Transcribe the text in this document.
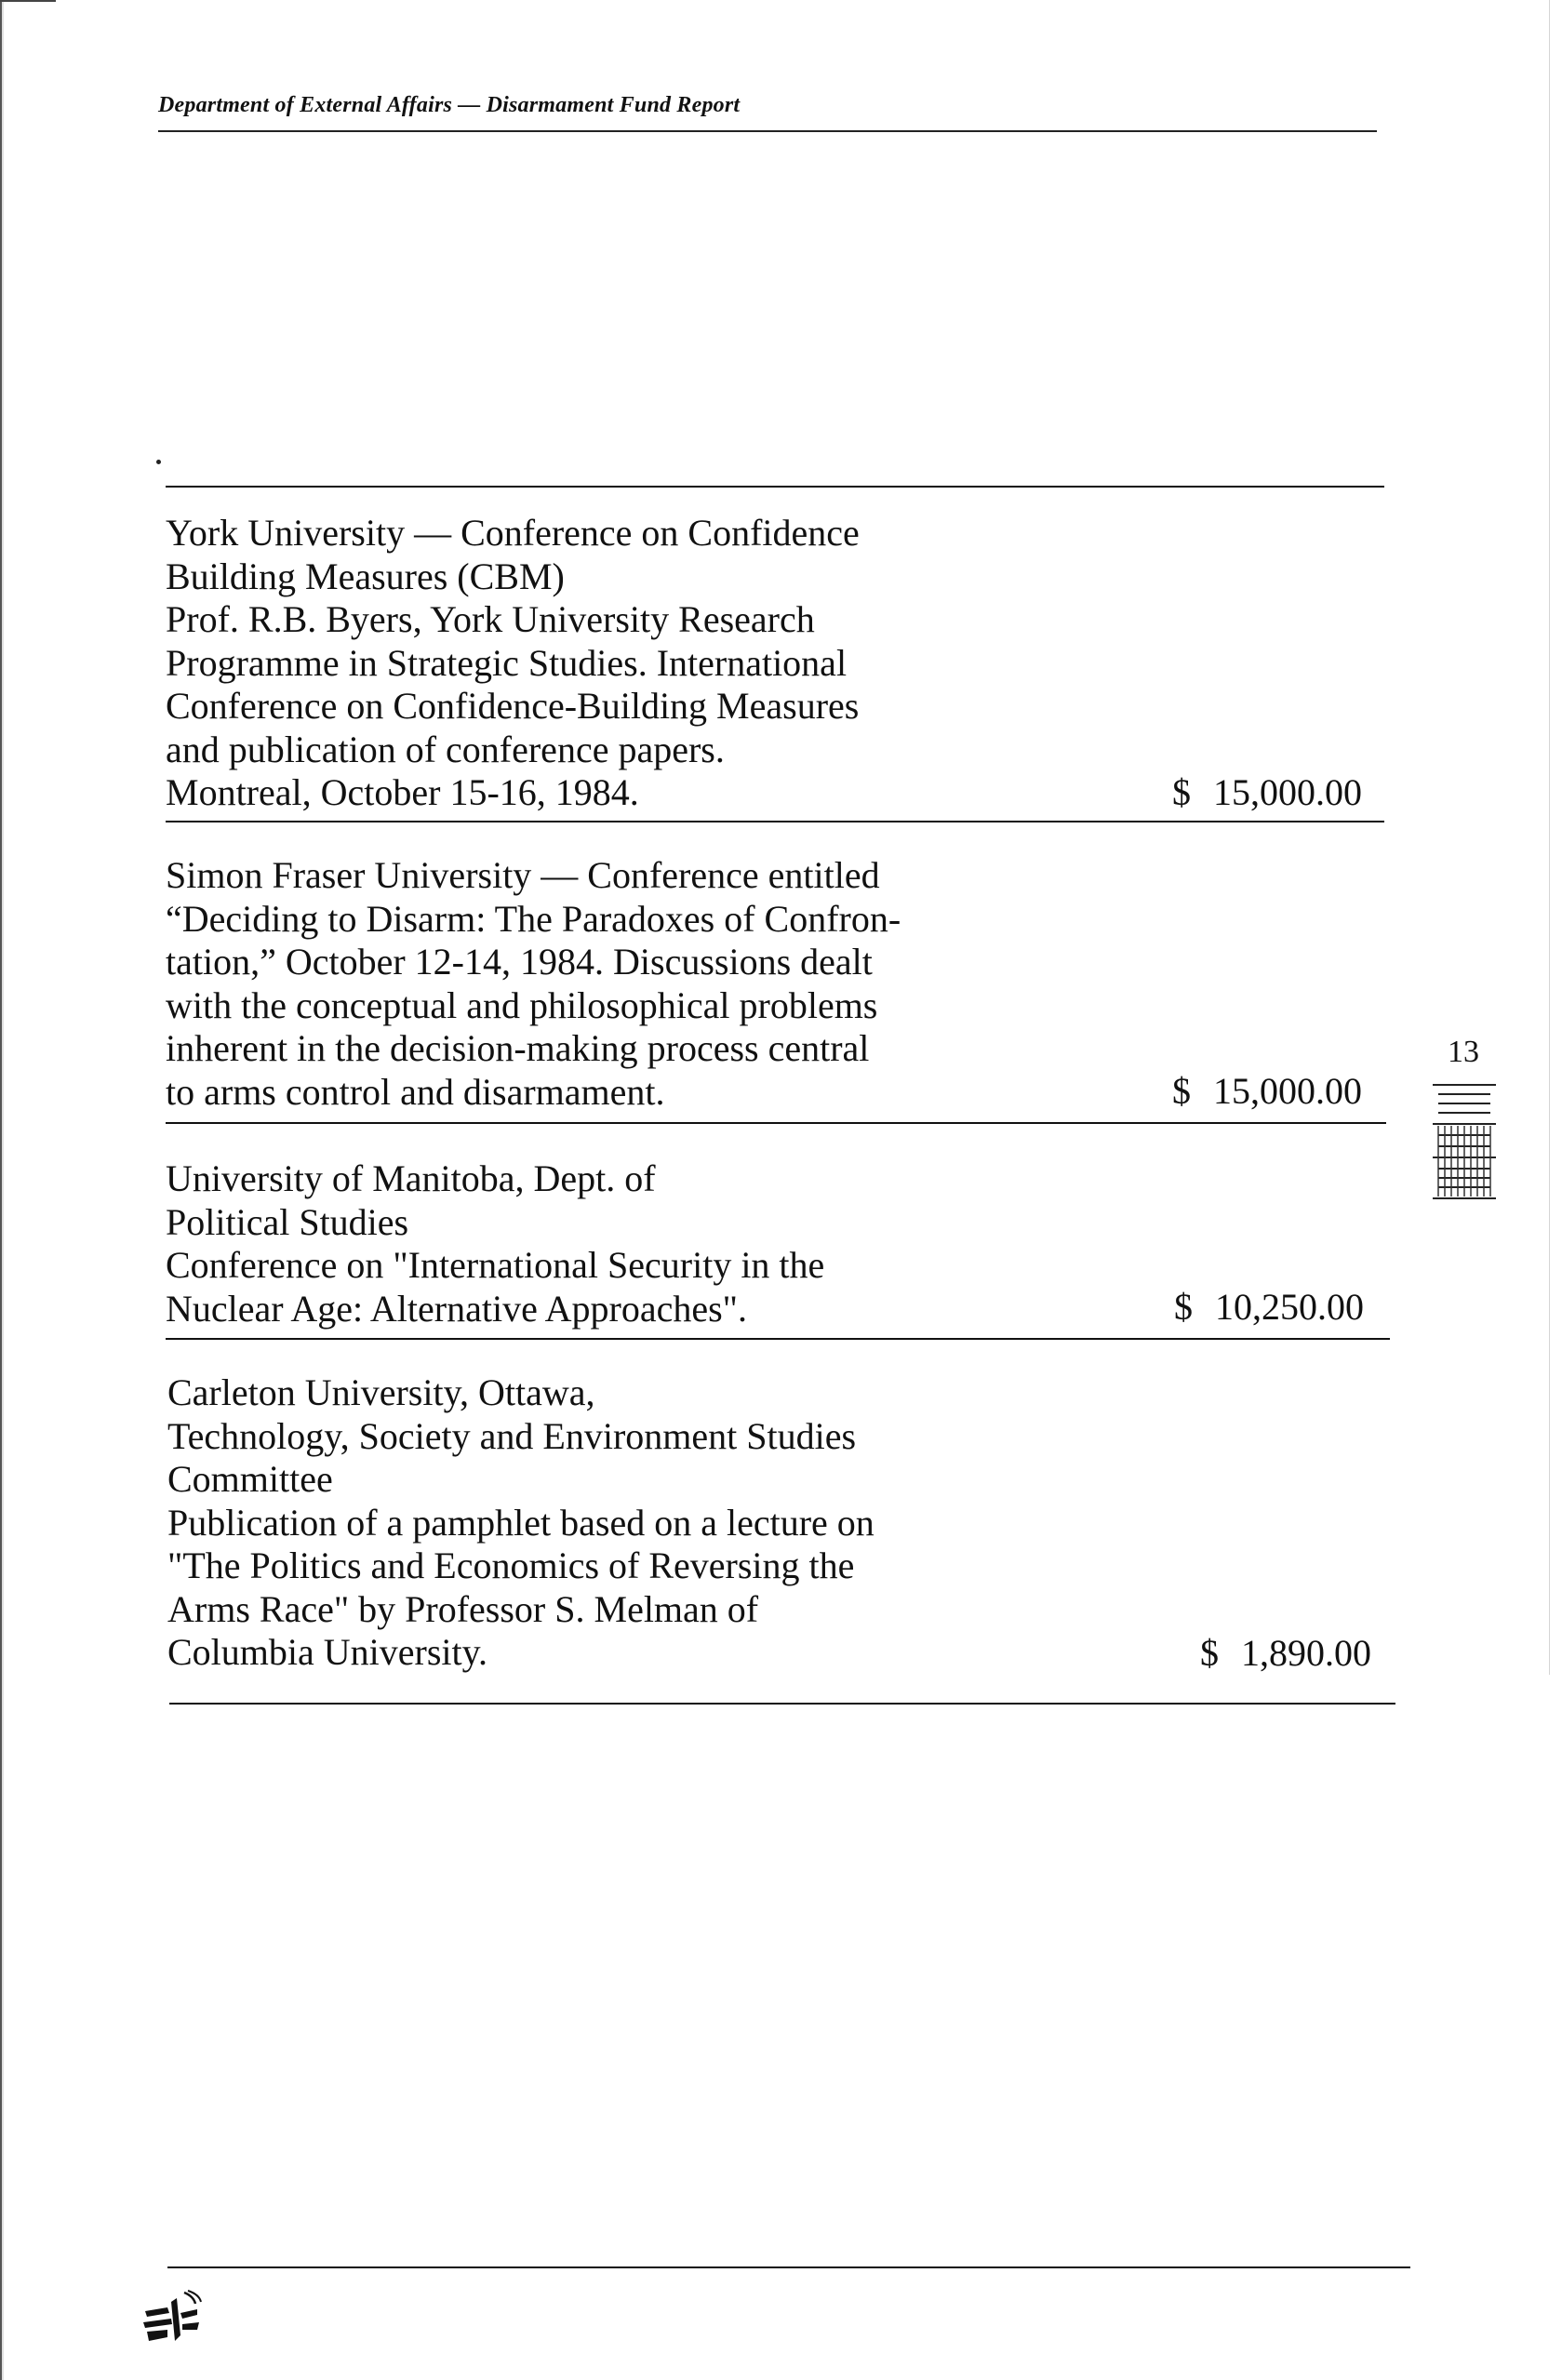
Department of External Affairs — Disarmament Fund Report
York University — Conference on Confidence
Building Measures (CBM)
Prof. R.B. Byers, York University Research
Programme in Strategic Studies. International
Conference on Confidence-Building Measures
and publication of conference papers.
Montreal, October 15-16, 1984.	$ 15,000.00
Simon Fraser University — Conference entitled
“Deciding to Disarm: The Paradoxes of Confron-
tation,” October 12-14, 1984. Discussions dealt
with the conceptual and philosophical problems
inherent in the decision-making process central
to arms control and disarmament.	$ 15,000.00
University of Manitoba, Dept. of
Political Studies
Conference on "International Security in the
Nuclear Age: Alternative Approaches".	$ 10,250.00
Carleton University, Ottawa,
Technology, Society and Environment Studies
Committee
Publication of a pamphlet based on a lecture on
"The Politics and Economics of Reversing the
Arms Race" by Professor S. Melman of
Columbia University.	$ 1,890.00
13
